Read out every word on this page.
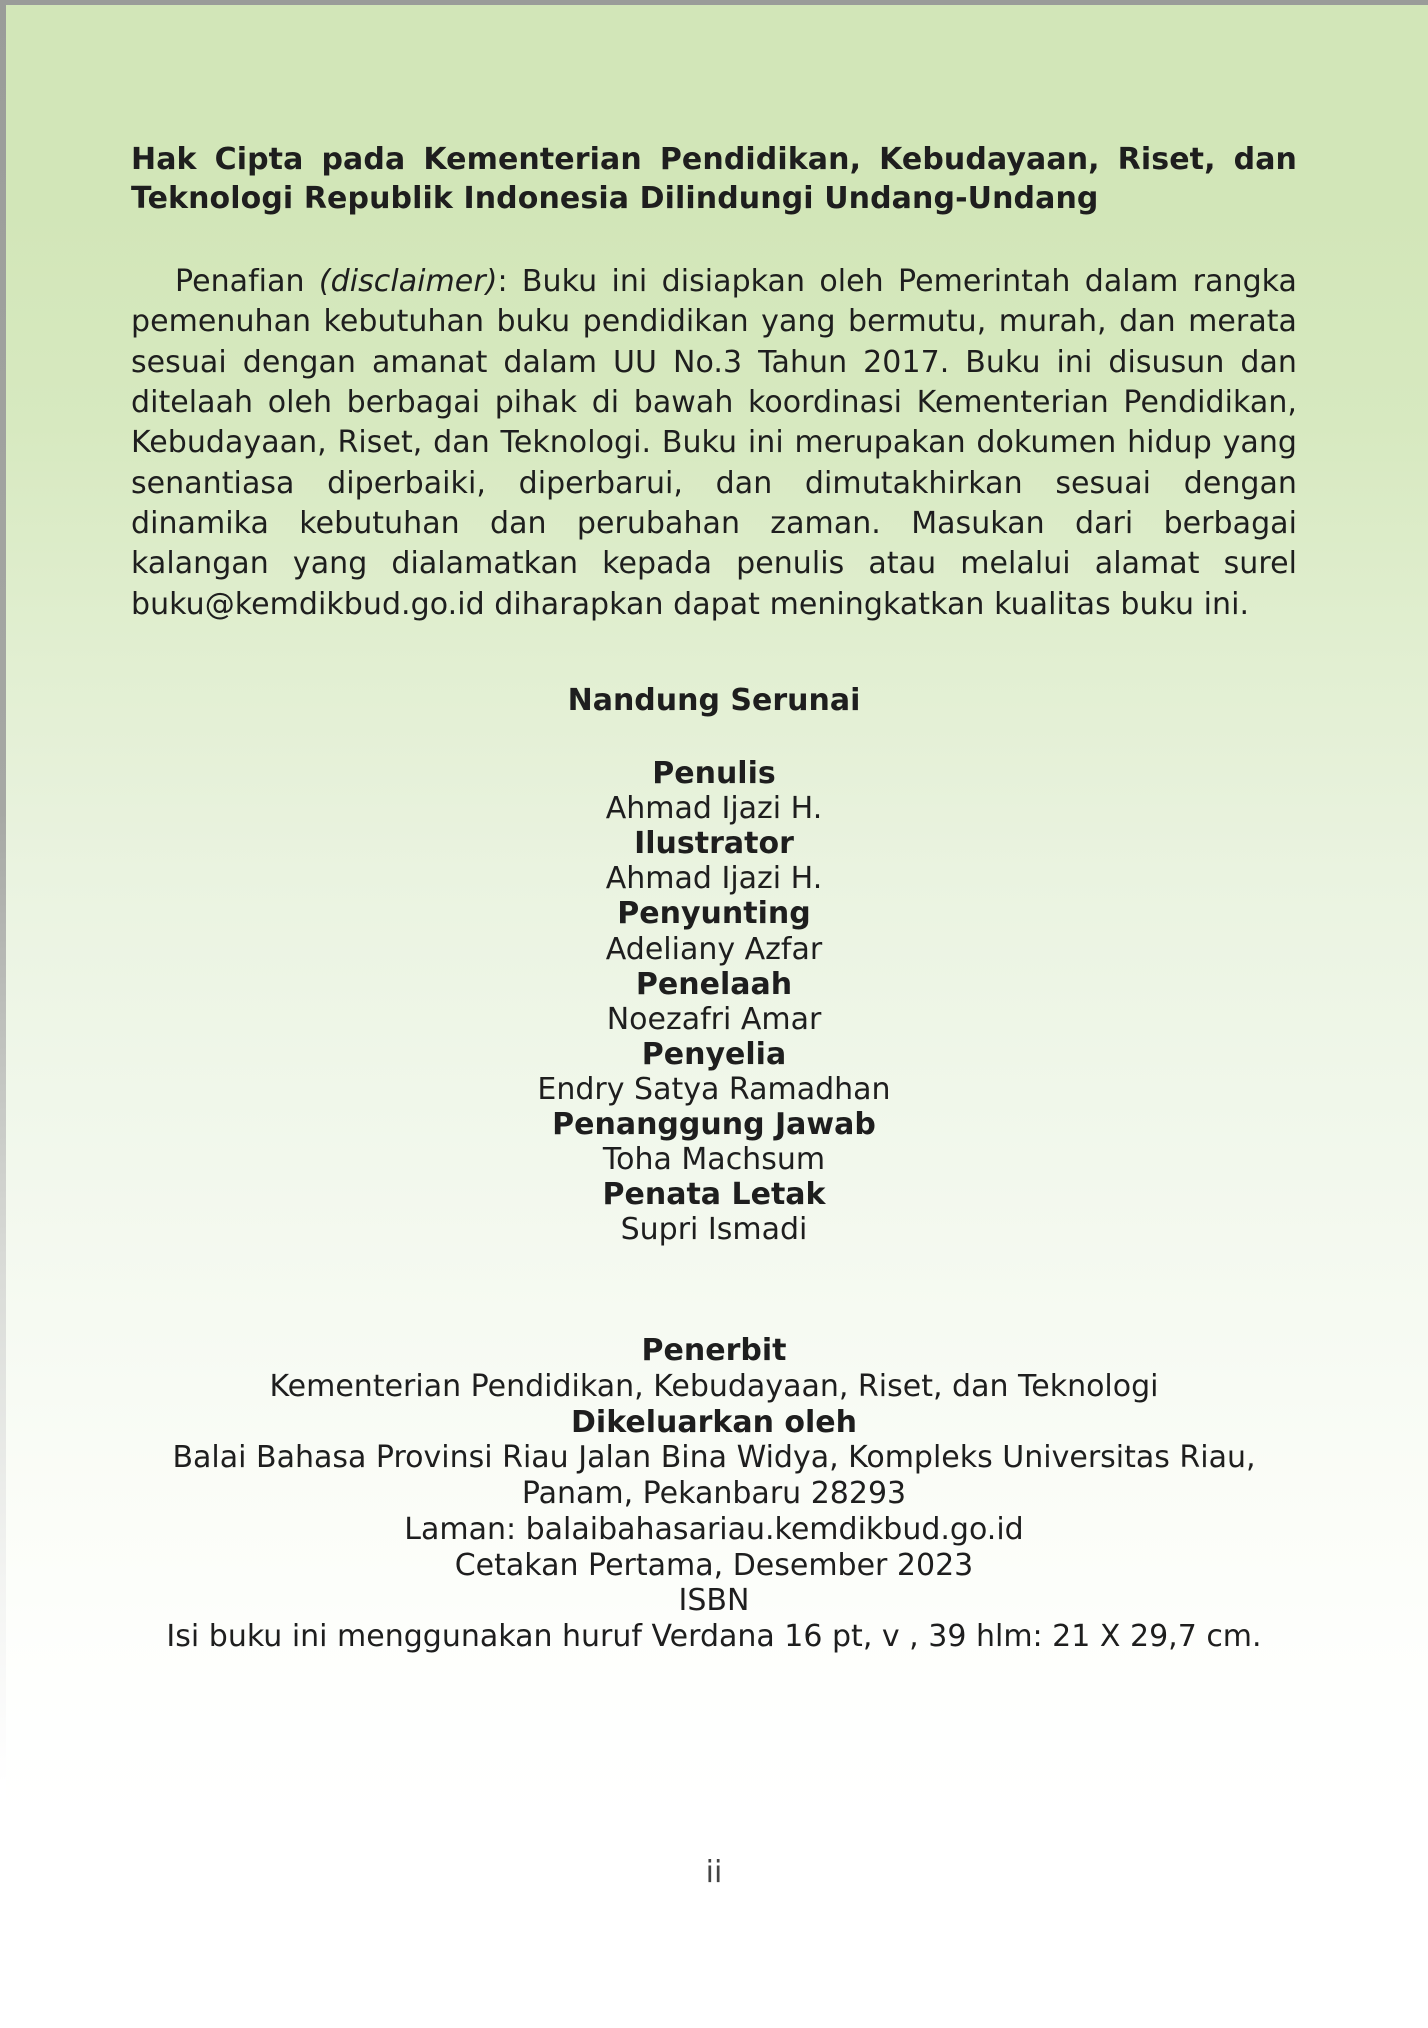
Hak Cipta pada Kementerian Pendidikan, Kebudayaan, Riset, dan Teknologi Republik Indonesia Dilindungi Undang-Undang

Penafian (disclaimer): Buku ini disiapkan oleh Pemerintah dalam rangka pemenuhan kebutuhan buku pendidikan yang bermutu, murah, dan merata sesuai dengan amanat dalam UU No.3 Tahun 2017. Buku ini disusun dan ditelaah oleh berbagai pihak di bawah koordinasi Kementerian Pendidikan, Kebudayaan, Riset, dan Teknologi. Buku ini merupakan dokumen hidup yang senantiasa diperbaiki, diperbarui, dan dimutakhirkan sesuai dengan dinamika kebutuhan dan perubahan zaman. Masukan dari berbagai kalangan yang dialamatkan kepada penulis atau melalui alamat surel buku@kemdikbud.go.id diharapkan dapat meningkatkan kualitas buku ini.

Nandung Serunai
Penulis
Ahmad Ijazi H.
Ilustrator
Ahmad Ijazi H.
Penyunting
Adeliany Azfar
Penelaah
Noezafri Amar
Penyelia
Endry Satya Ramadhan
Penanggung Jawab
Toha Machsum
Penata Letak
Supri Ismadi
Penerbit
Kementerian Pendidikan, Kebudayaan, Riset, dan Teknologi
Dikeluarkan oleh
Balai Bahasa Provinsi Riau Jalan Bina Widya, Kompleks Universitas Riau,
Panam, Pekanbaru 28293
Laman: balaibahasariau.kemdikbud.go.id
Cetakan Pertama, Desember 2023
ISBN
Isi buku ini menggunakan huruf Verdana 16 pt, v , 39 hlm: 21 X 29,7 cm.
ii
